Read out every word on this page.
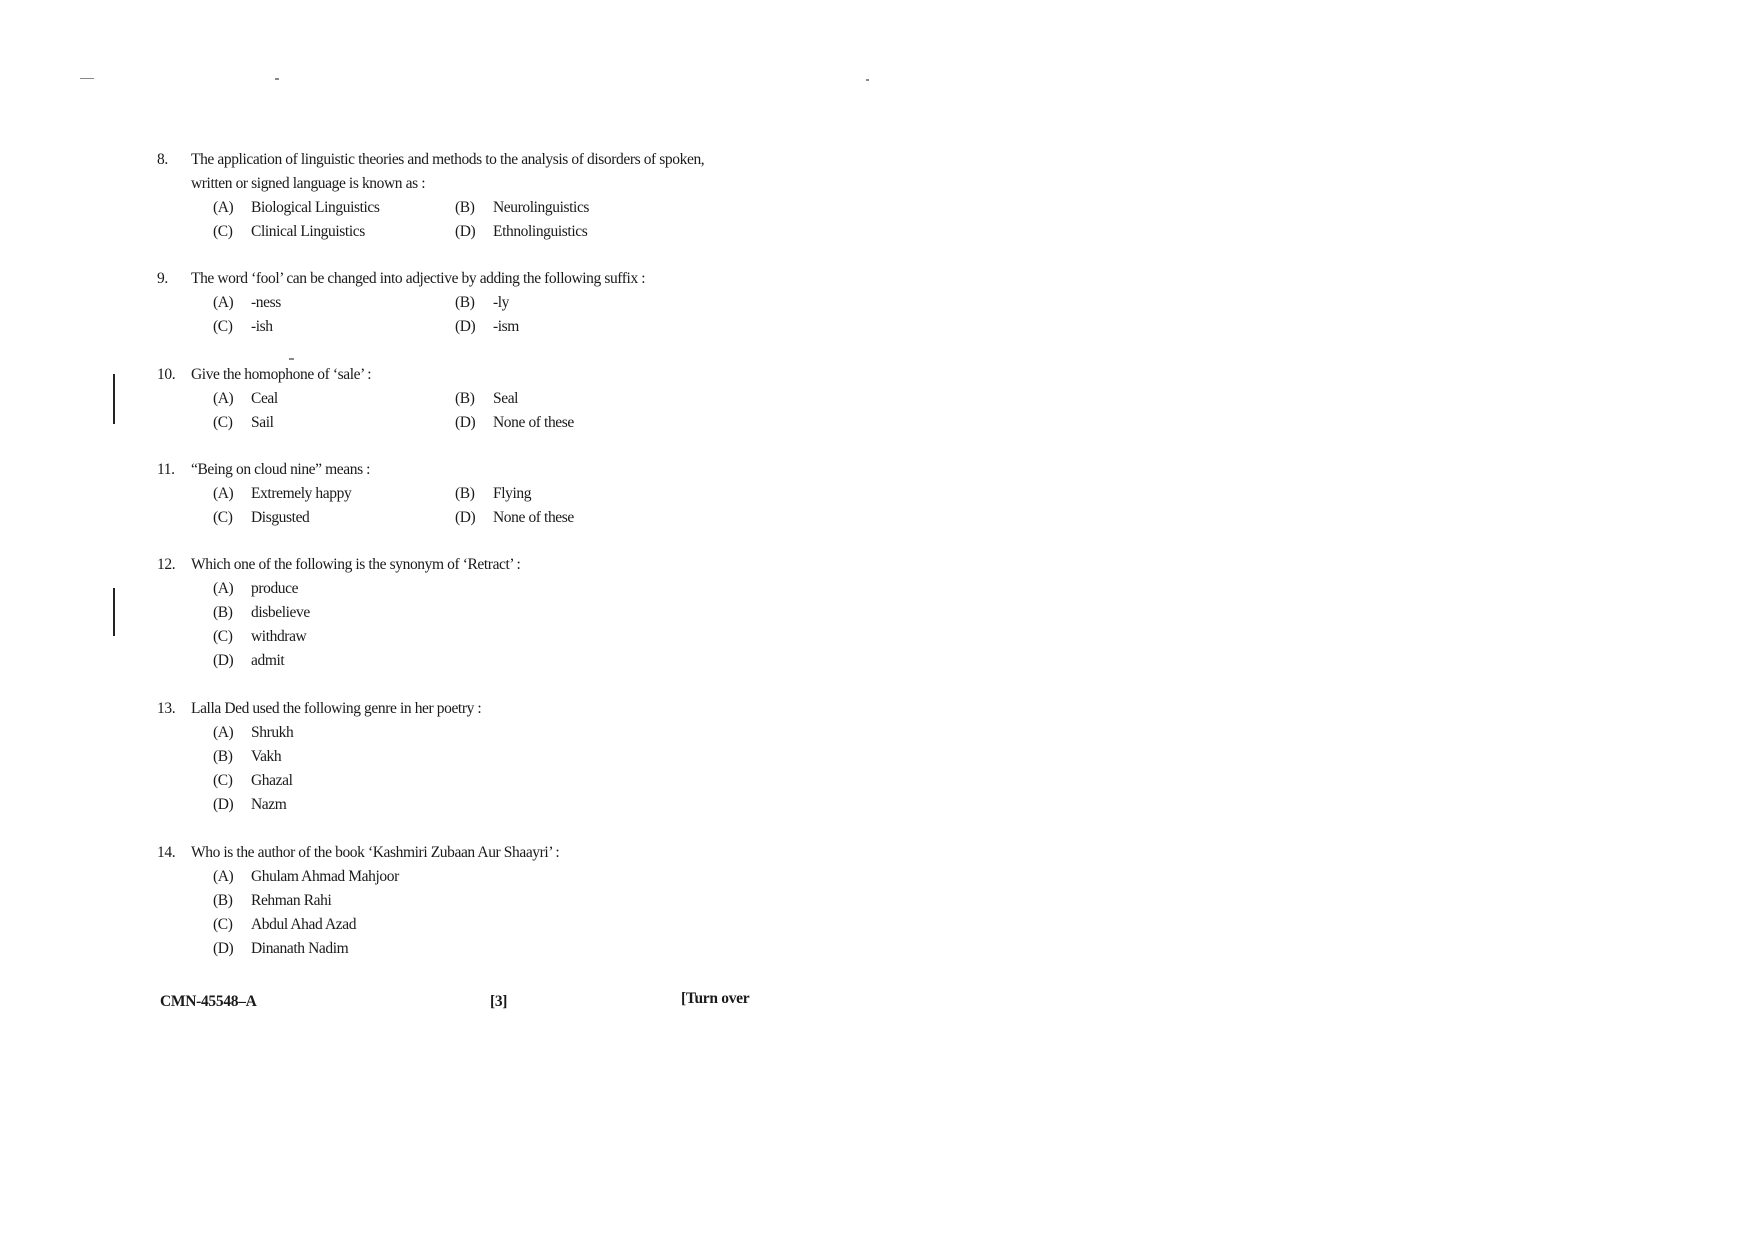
8.	The application of linguistic theories and methods to the analysis of disorders of spoken, written or signed language is known as :
(A)	Biological Linguistics	(B)	Neurolinguistics
(C)	Clinical Linguistics	(D)	Ethnolinguistics
9.	The word ‘fool’ can be changed into adjective by adding the following suffix :
(A)	-ness	(B)	-ly
(C)	-ish	(D)	-ism
10.	Give the homophone of ‘sale’ :
(A)	Ceal	(B)	Seal
(C)	Sail	(D)	None of these
11.	“Being on cloud nine” means :
(A)	Extremely happy	(B)	Flying
(C)	Disgusted	(D)	None of these
12.	Which one of the following is the synonym of ‘Retract’ :
(A)	produce
(B)	disbelieve
(C)	withdraw
(D)	admit
13.	Lalla Ded used the following genre in her poetry :
(A)	Shrukh
(B)	Vakh
(C)	Ghazal
(D)	Nazm
14.	Who is the author of the book ‘Kashmiri Zubaan Aur Shaayri’ :
(A)	Ghulam Ahmad Mahjoor
(B)	Rehman Rahi
(C)	Abdul Ahad Azad
(D)	Dinanath Nadim
CMN-45548–A	[3]	[Turn over
